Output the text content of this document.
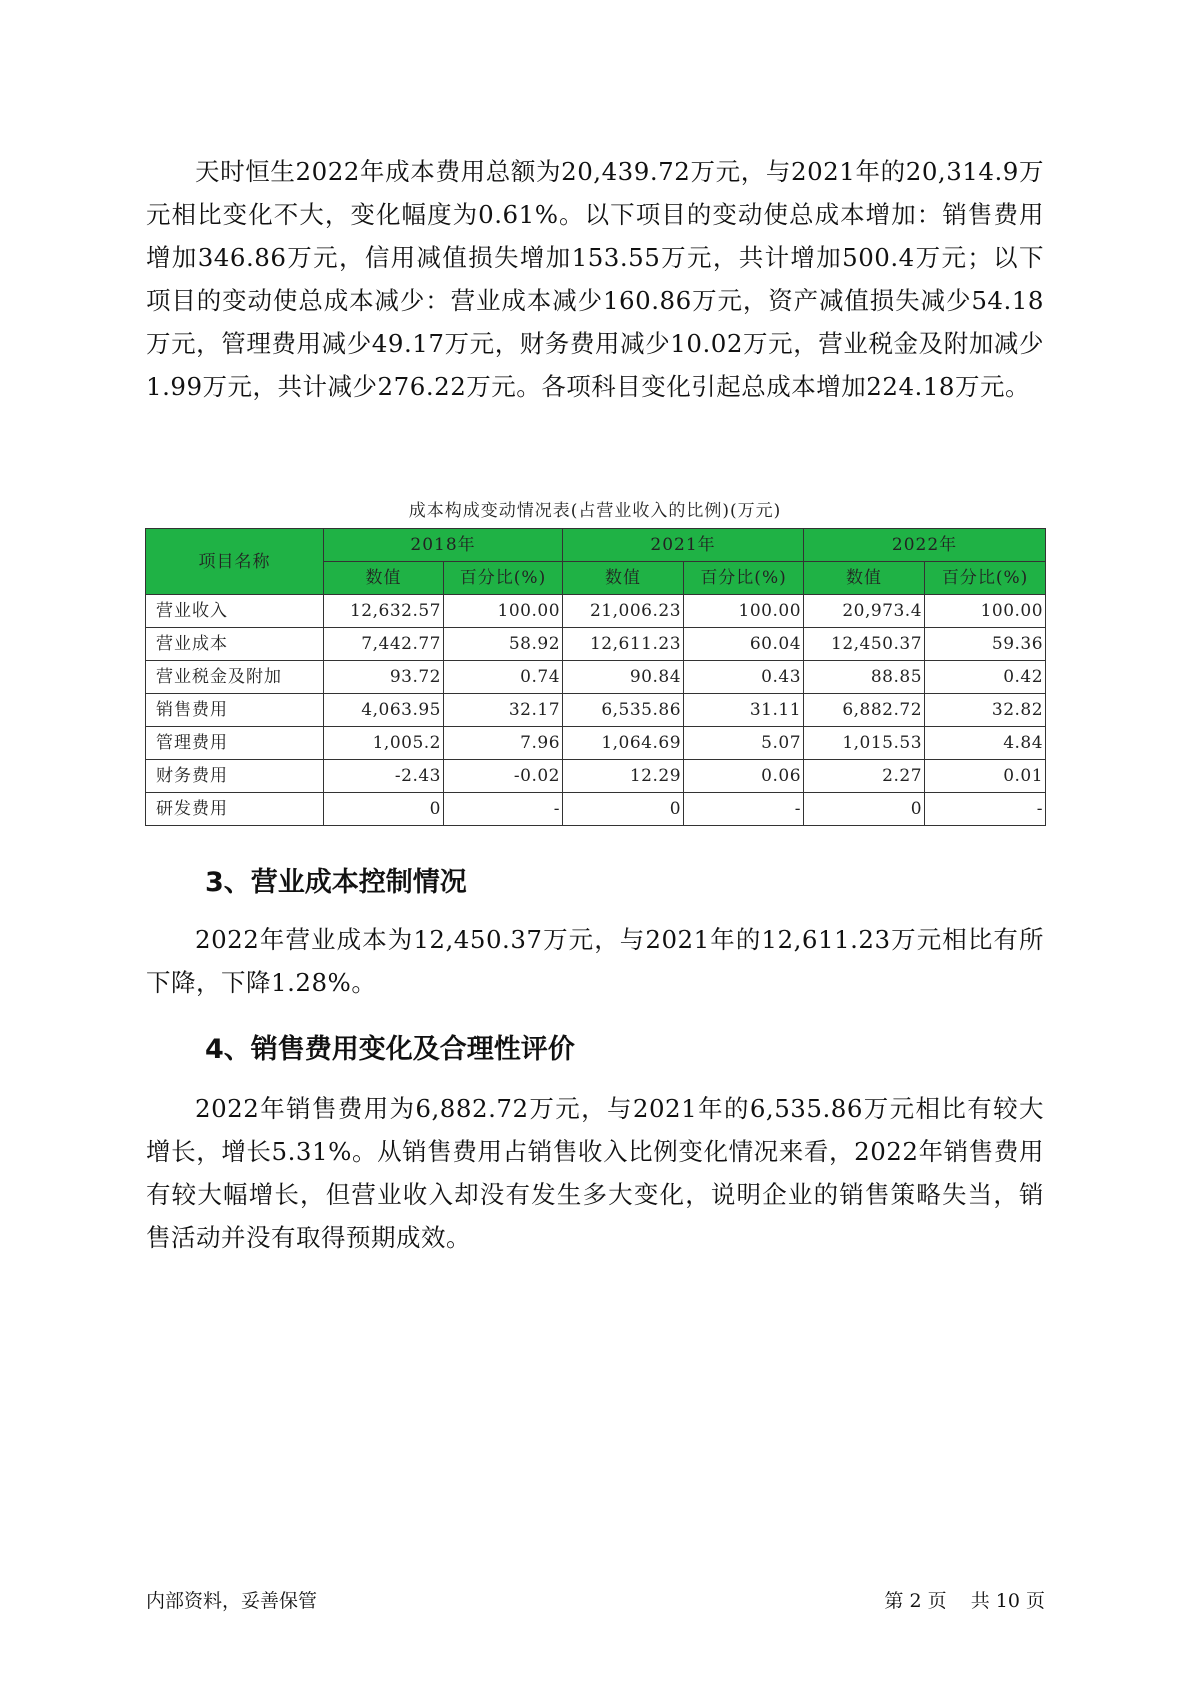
天时恒生2022年成本费用总额为20,439.72万元，与2021年的20,314.9万元相比变化不大，变化幅度为0.61%。以下项目的变动使总成本增加：销售费用增加346.86万元，信用减值损失增加153.55万元，共计增加500.4万元；以下项目的变动使总成本减少：营业成本减少160.86万元，资产减值损失减少54.18万元，管理费用减少49.17万元，财务费用减少10.02万元，营业税金及附加减少1.99万元，共计减少276.22万元。各项科目变化引起总成本增加224.18万元。

成本构成变动情况表(占营业收入的比例)(万元)
项目名称	2018年		2021年		2022年	
	数值	百分比(%)	数值	百分比(%)	数值	百分比(%)
营业收入	12,632.57	100.00	21,006.23	100.00	20,973.4	100.00
营业成本	7,442.77	58.92	12,611.23	60.04	12,450.37	59.36
营业税金及附加	93.72	0.74	90.84	0.43	88.85	0.42
销售费用	4,063.95	32.17	6,535.86	31.11	6,882.72	32.82
管理费用	1,005.2	7.96	1,064.69	5.07	1,015.53	4.84
财务费用	-2.43	-0.02	12.29	0.06	2.27	0.01
研发费用	0	-	0	-	0	-
3、营业成本控制情况

2022年营业成本为12,450.37万元，与2021年的12,611.23万元相比有所下降，下降1.28%。

4、销售费用变化及合理性评价

2022年销售费用为6,882.72万元，与2021年的6,535.86万元相比有较大增长，增长5.31%。从销售费用占销售收入比例变化情况来看，2022年销售费用有较大幅增长，但营业收入却没有发生多大变化，说明企业的销售策略失当，销售活动并没有取得预期成效。

内部资料，妥善保管	第 2 页 共 10 页
